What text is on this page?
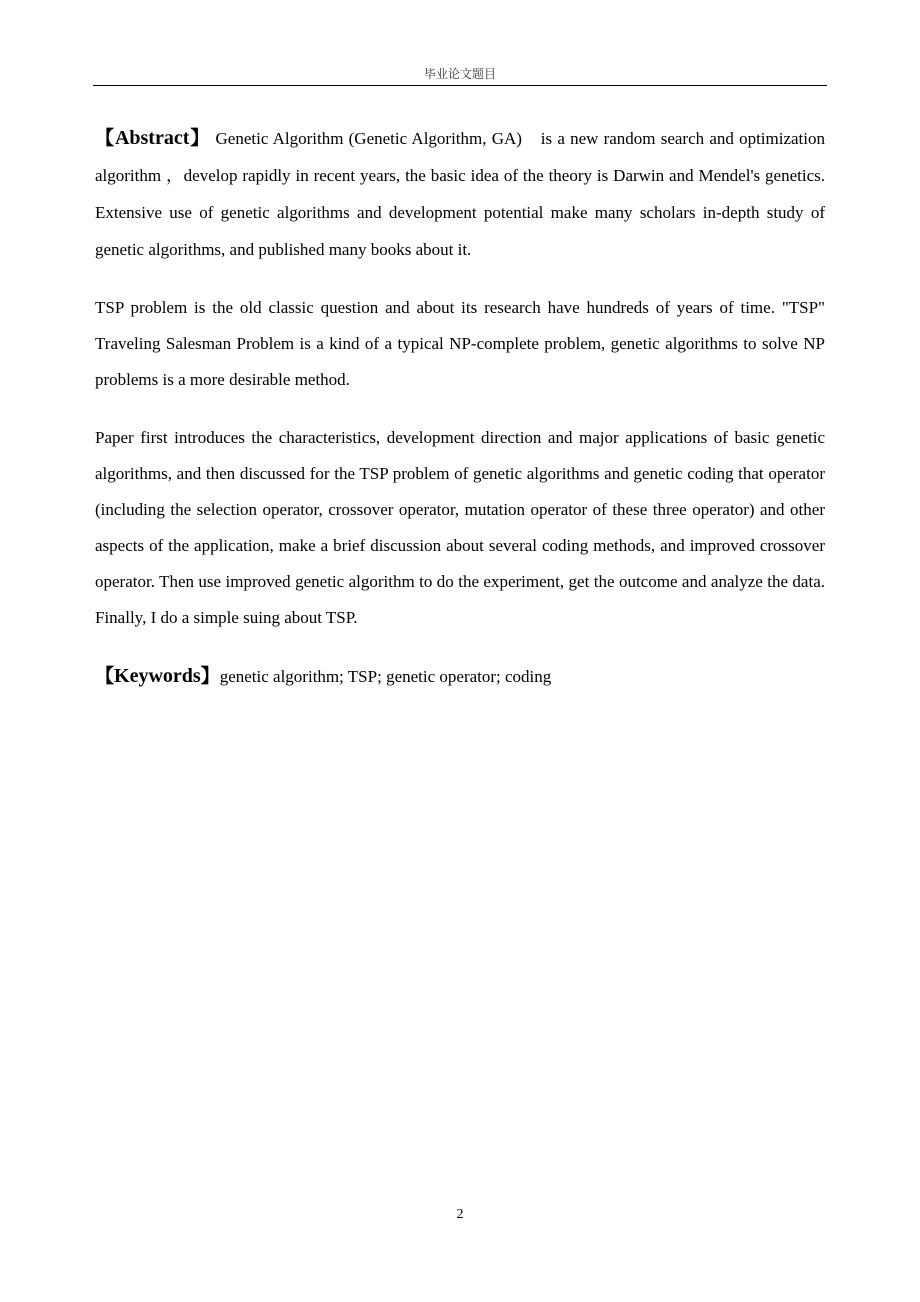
毕业论文题目

【Abstract】 Genetic Algorithm (Genetic Algorithm, GA)　is a new random search and optimization algorithm ，develop rapidly in recent years, the basic idea of the theory is Darwin and Mendel's genetics. Extensive use of genetic algorithms and development potential make many scholars in-depth study of genetic algorithms, and published many books about it.

TSP problem is the old classic question and about its research have hundreds of years of time. "TSP" Traveling Salesman Problem is a kind of a typical NP-complete problem, genetic algorithms to solve NP problems is a more desirable method.

Paper first introduces the characteristics, development direction and major applications of basic genetic algorithms, and then discussed for the TSP problem of genetic algorithms and genetic coding that operator (including the selection operator, crossover operator, mutation operator of these three operator) and other aspects of the application, make a brief discussion about several coding methods, and improved crossover operator. Then use improved genetic algorithm to do the experiment, get the outcome and analyze the data. Finally, I do a simple suing about TSP.

【Keywords】genetic algorithm; TSP; genetic operator; coding

2
